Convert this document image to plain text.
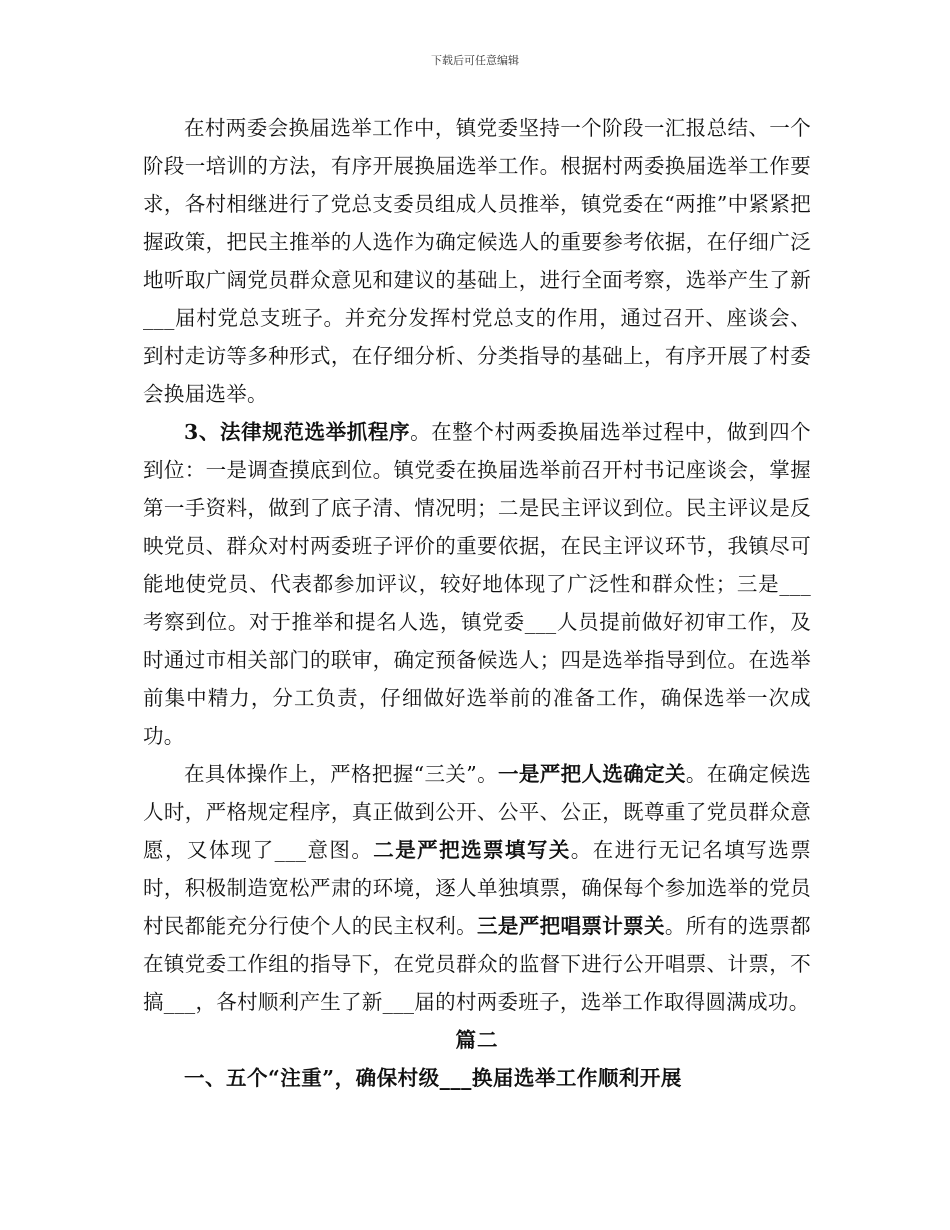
下载后可任意编辑

在村两委会换届选举工作中，镇党委坚持一个阶段一汇报总结、一个阶段一培训的方法，有序开展换届选举工作。根据村两委换届选举工作要求，各村相继进行了党总支委员组成人员推举，镇党委在“两推”中紧紧把握政策，把民主推举的人选作为确定候选人的重要参考依据，在仔细广泛地听取广阔党员群众意见和建议的基础上，进行全面考察，选举产生了新___届村党总支班子。并充分发挥村党总支的作用，通过召开、座谈会、到村走访等多种形式，在仔细分析、分类指导的基础上，有序开展了村委会换届选举。

3、法律规范选举抓程序。在整个村两委换届选举过程中，做到四个到位：一是调查摸底到位。镇党委在换届选举前召开村书记座谈会，掌握第一手资料，做到了底子清、情况明；二是民主评议到位。民主评议是反映党员、群众对村两委班子评价的重要依据，在民主评议环节，我镇尽可能地使党员、代表都参加评议，较好地体现了广泛性和群众性；三是___考察到位。对于推举和提名人选，镇党委___人员提前做好初审工作，及时通过市相关部门的联审，确定预备候选人；四是选举指导到位。在选举前集中精力，分工负责，仔细做好选举前的准备工作，确保选举一次成功。

在具体操作上，严格把握“三关”。一是严把人选确定关。在确定候选人时，严格规定程序，真正做到公开、公平、公正，既尊重了党员群众意愿，又体现了___意图。二是严把选票填写关。在进行无记名填写选票时，积极制造宽松严肃的环境，逐人单独填票，确保每个参加选举的党员村民都能充分行使个人的民主权利。三是严把唱票计票关。所有的选票都在镇党委工作组的指导下，在党员群众的监督下进行公开唱票、计票，不搞___，各村顺利产生了新___届的村两委班子，选举工作取得圆满成功。

篇二

一、五个“注重”，确保村级___换届选举工作顺利开展
